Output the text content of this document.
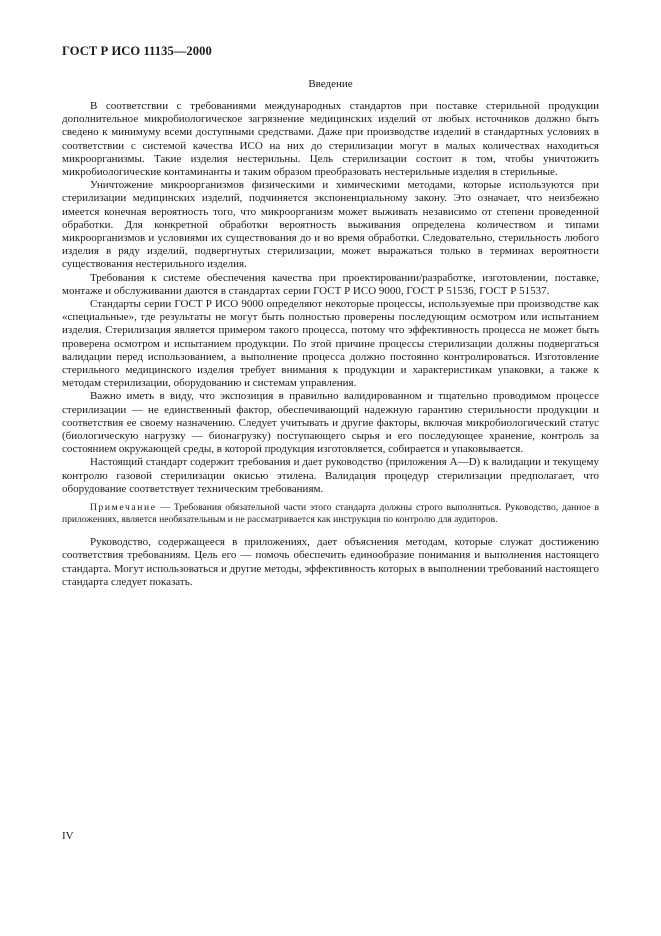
ГОСТ Р ИСО 11135—2000
Введение

В соответствии с требованиями международных стандартов при поставке стерильной продукции дополнительное микробиологическое загрязнение медицинских изделий от любых источников должно быть сведено к минимуму всеми доступными средствами. Даже при производстве изделий в стандартных условиях в соответствии с системой качества ИСО на них до стерилизации могут в малых количествах находиться микроорганизмы. Такие изделия нестерильны. Цель стерилизации состоит в том, чтобы уничтожить микробиологические контаминанты и таким образом преобразовать нестерильные изделия в стерильные.

Уничтожение микроорганизмов физическими и химическими методами, которые используются при стерилизации медицинских изделий, подчиняется экспоненциальному закону. Это означает, что неизбежно имеется конечная вероятность того, что микроорганизм может выживать независимо от степени проведенной обработки. Для конкретной обработки вероятность выживания определена количеством и типами микроорганизмов и условиями их существования до и во время обработки. Следовательно, стерильность любого изделия в ряду изделий, подвергнутых стерилизации, может выражаться только в терминах вероятности существования нестерильного изделия.

Требования к системе обеспечения качества при проектировании/разработке, изготовлении, поставке, монтаже и обслуживании даются в стандартах серии ГОСТ Р ИСО 9000, ГОСТ Р 51536, ГОСТ Р 51537.

Стандарты серии ГОСТ Р ИСО 9000 определяют некоторые процессы, используемые при производстве как «специальные», где результаты не могут быть полностью проверены последующим осмотром или испытанием изделия. Стерилизация является примером такого процесса, потому что эффективность процесса не может быть проверена осмотром и испытанием продукции. По этой причине процессы стерилизации должны подвергаться валидации перед использованием, а выполнение процесса должно постоянно контролироваться. Изготовление стерильного медицинского изделия требует внимания к продукции и характеристикам упаковки, а также к методам стерилизации, оборудованию и системам управления.

Важно иметь в виду, что экспозиция в правильно валидированном и тщательно проводимом процессе стерилизации — не единственный фактор, обеспечивающий надежную гарантию стерильности продукции и соответствия ее своему назначению. Следует учитывать и другие факторы, включая микробиологический статус (биологическую нагрузку — бионагрузку) поступающего сырья и его последующее хранение, контроль за состоянием окружающей среды, в которой продукция изготовляется, собирается и упаковывается.

Настоящий стандарт содержит требования и дает руководство (приложения А—D) к валидации и текущему контролю газовой стерилизации окисью этилена. Валидация процедур стерилизации предполагает, что оборудование соответствует техническим требованиям.

Примечание — Требования обязательной части этого стандарта должны строго выполняться. Руководство, данное в приложениях, является необязательным и не рассматривается как инструкция по контролю для аудиторов.

Руководство, содержащееся в приложениях, дает объяснения методам, которые служат достижению соответствия требованиям. Цель его — помочь обеспечить единообразие понимания и выполнения настоящего стандарта. Могут использоваться и другие методы, эффективность которых в выполнении требований настоящего стандарта следует показать.

IV
